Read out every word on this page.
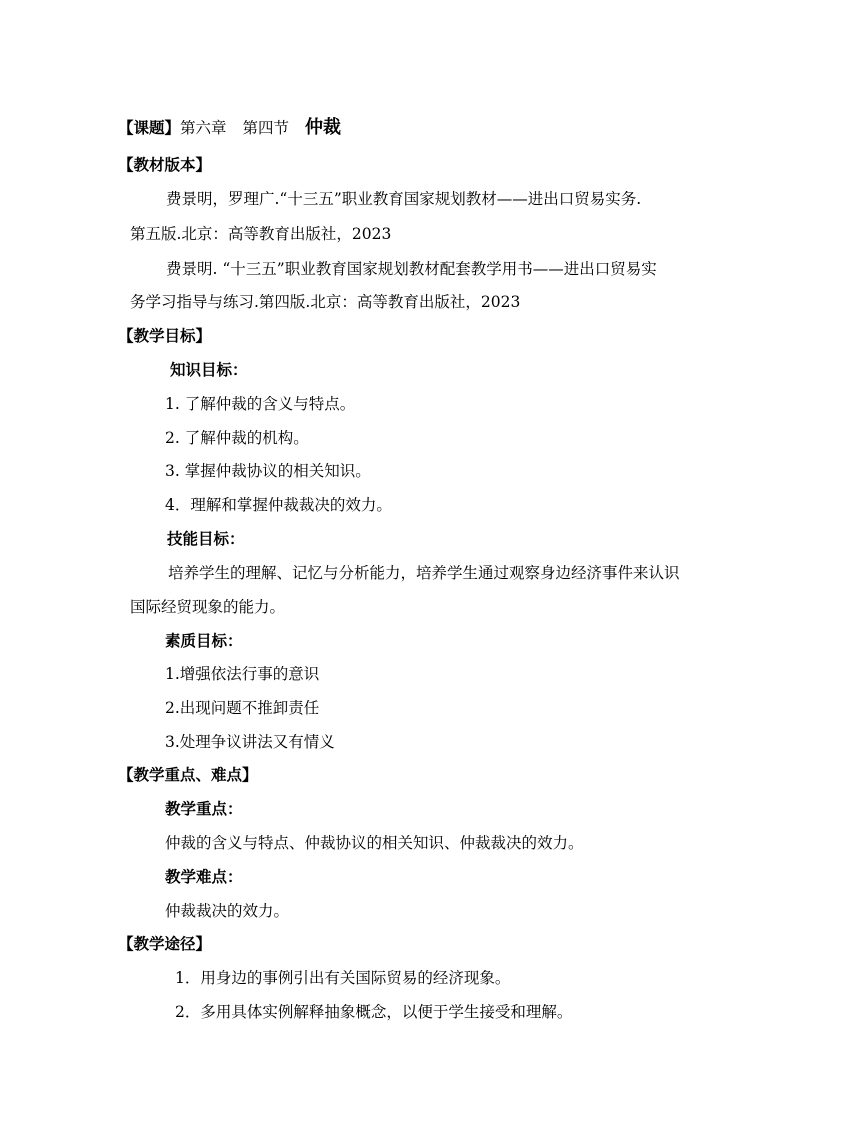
【课题】第六章 第四节 仲裁
【教材版本】
费景明，罗理广.“十三五”职业教育国家规划教材——进出口贸易实务.
第五版.北京：高等教育出版社，2023
费景明. “十三五”职业教育国家规划教材配套教学用书——进出口贸易实
务学习指导与练习.第四版.北京：高等教育出版社，2023
【教学目标】
知识目标：
1. 了解仲裁的含义与特点。
2. 了解仲裁的机构。
3. 掌握仲裁协议的相关知识。
4．理解和掌握仲裁裁决的效力。
技能目标：
培养学生的理解、记忆与分析能力，培养学生通过观察身边经济事件来认识
国际经贸现象的能力。
素质目标：
1.增强依法行事的意识
2.出现问题不推卸责任
3.处理争议讲法又有情义
【教学重点、难点】
教学重点：
仲裁的含义与特点、仲裁协议的相关知识、仲裁裁决的效力。
教学难点：
仲裁裁决的效力。
【教学途径】
1．用身边的事例引出有关国际贸易的经济现象。
2．多用具体实例解释抽象概念，以便于学生接受和理解。
